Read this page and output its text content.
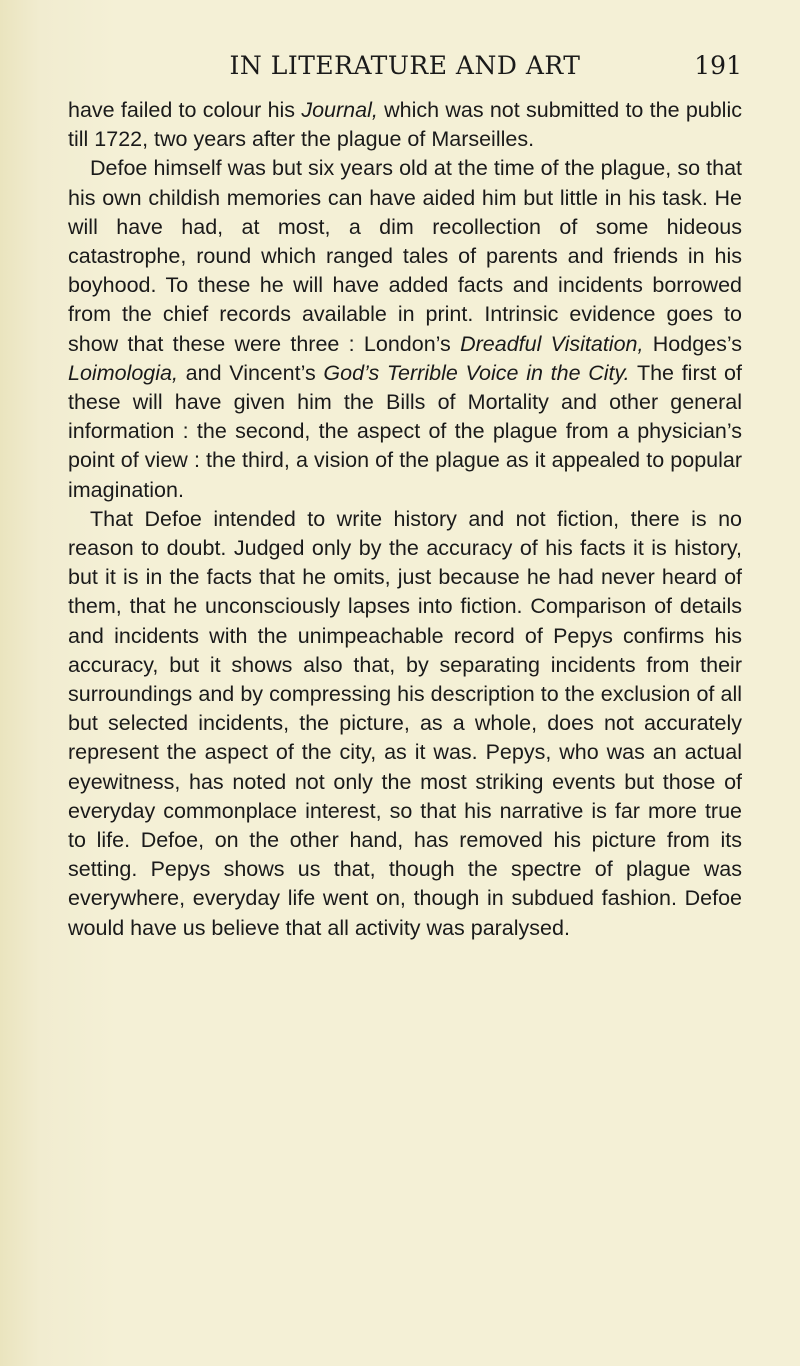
IN LITERATURE AND ART	191

have failed to colour his Journal, which was not submitted to the public till 1722, two years after the plague of Marseilles.

Defoe himself was but six years old at the time of the plague, so that his own childish memories can have aided him but little in his task. He will have had, at most, a dim recollection of some hideous catastrophe, round which ranged tales of parents and friends in his boyhood. To these he will have added facts and incidents borrowed from the chief records available in print. Intrinsic evidence goes to show that these were three : London’s Dreadful Visitation, Hodges’s Loimologia, and Vincent’s God’s Terrible Voice in the City. The first of these will have given him the Bills of Mortality and other general information : the second, the aspect of the plague from a physician’s point of view : the third, a vision of the plague as it appealed to popular imagination.

That Defoe intended to write history and not fiction, there is no reason to doubt. Judged only by the accuracy of his facts it is history, but it is in the facts that he omits, just because he had never heard of them, that he unconsciously lapses into fiction. Comparison of details and incidents with the unimpeachable record of Pepys confirms his accuracy, but it shows also that, by separating incidents from their surroundings and by compressing his description to the exclusion of all but selected incidents, the picture, as a whole, does not accurately represent the aspect of the city, as it was. Pepys, who was an actual eyewitness, has noted not only the most striking events but those of everyday commonplace interest, so that his narrative is far more true to life. Defoe, on the other hand, has removed his picture from its setting. Pepys shows us that, though the spectre of plague was everywhere, everyday life went on, though in subdued fashion. Defoe would have us believe that all activity was paralysed.
